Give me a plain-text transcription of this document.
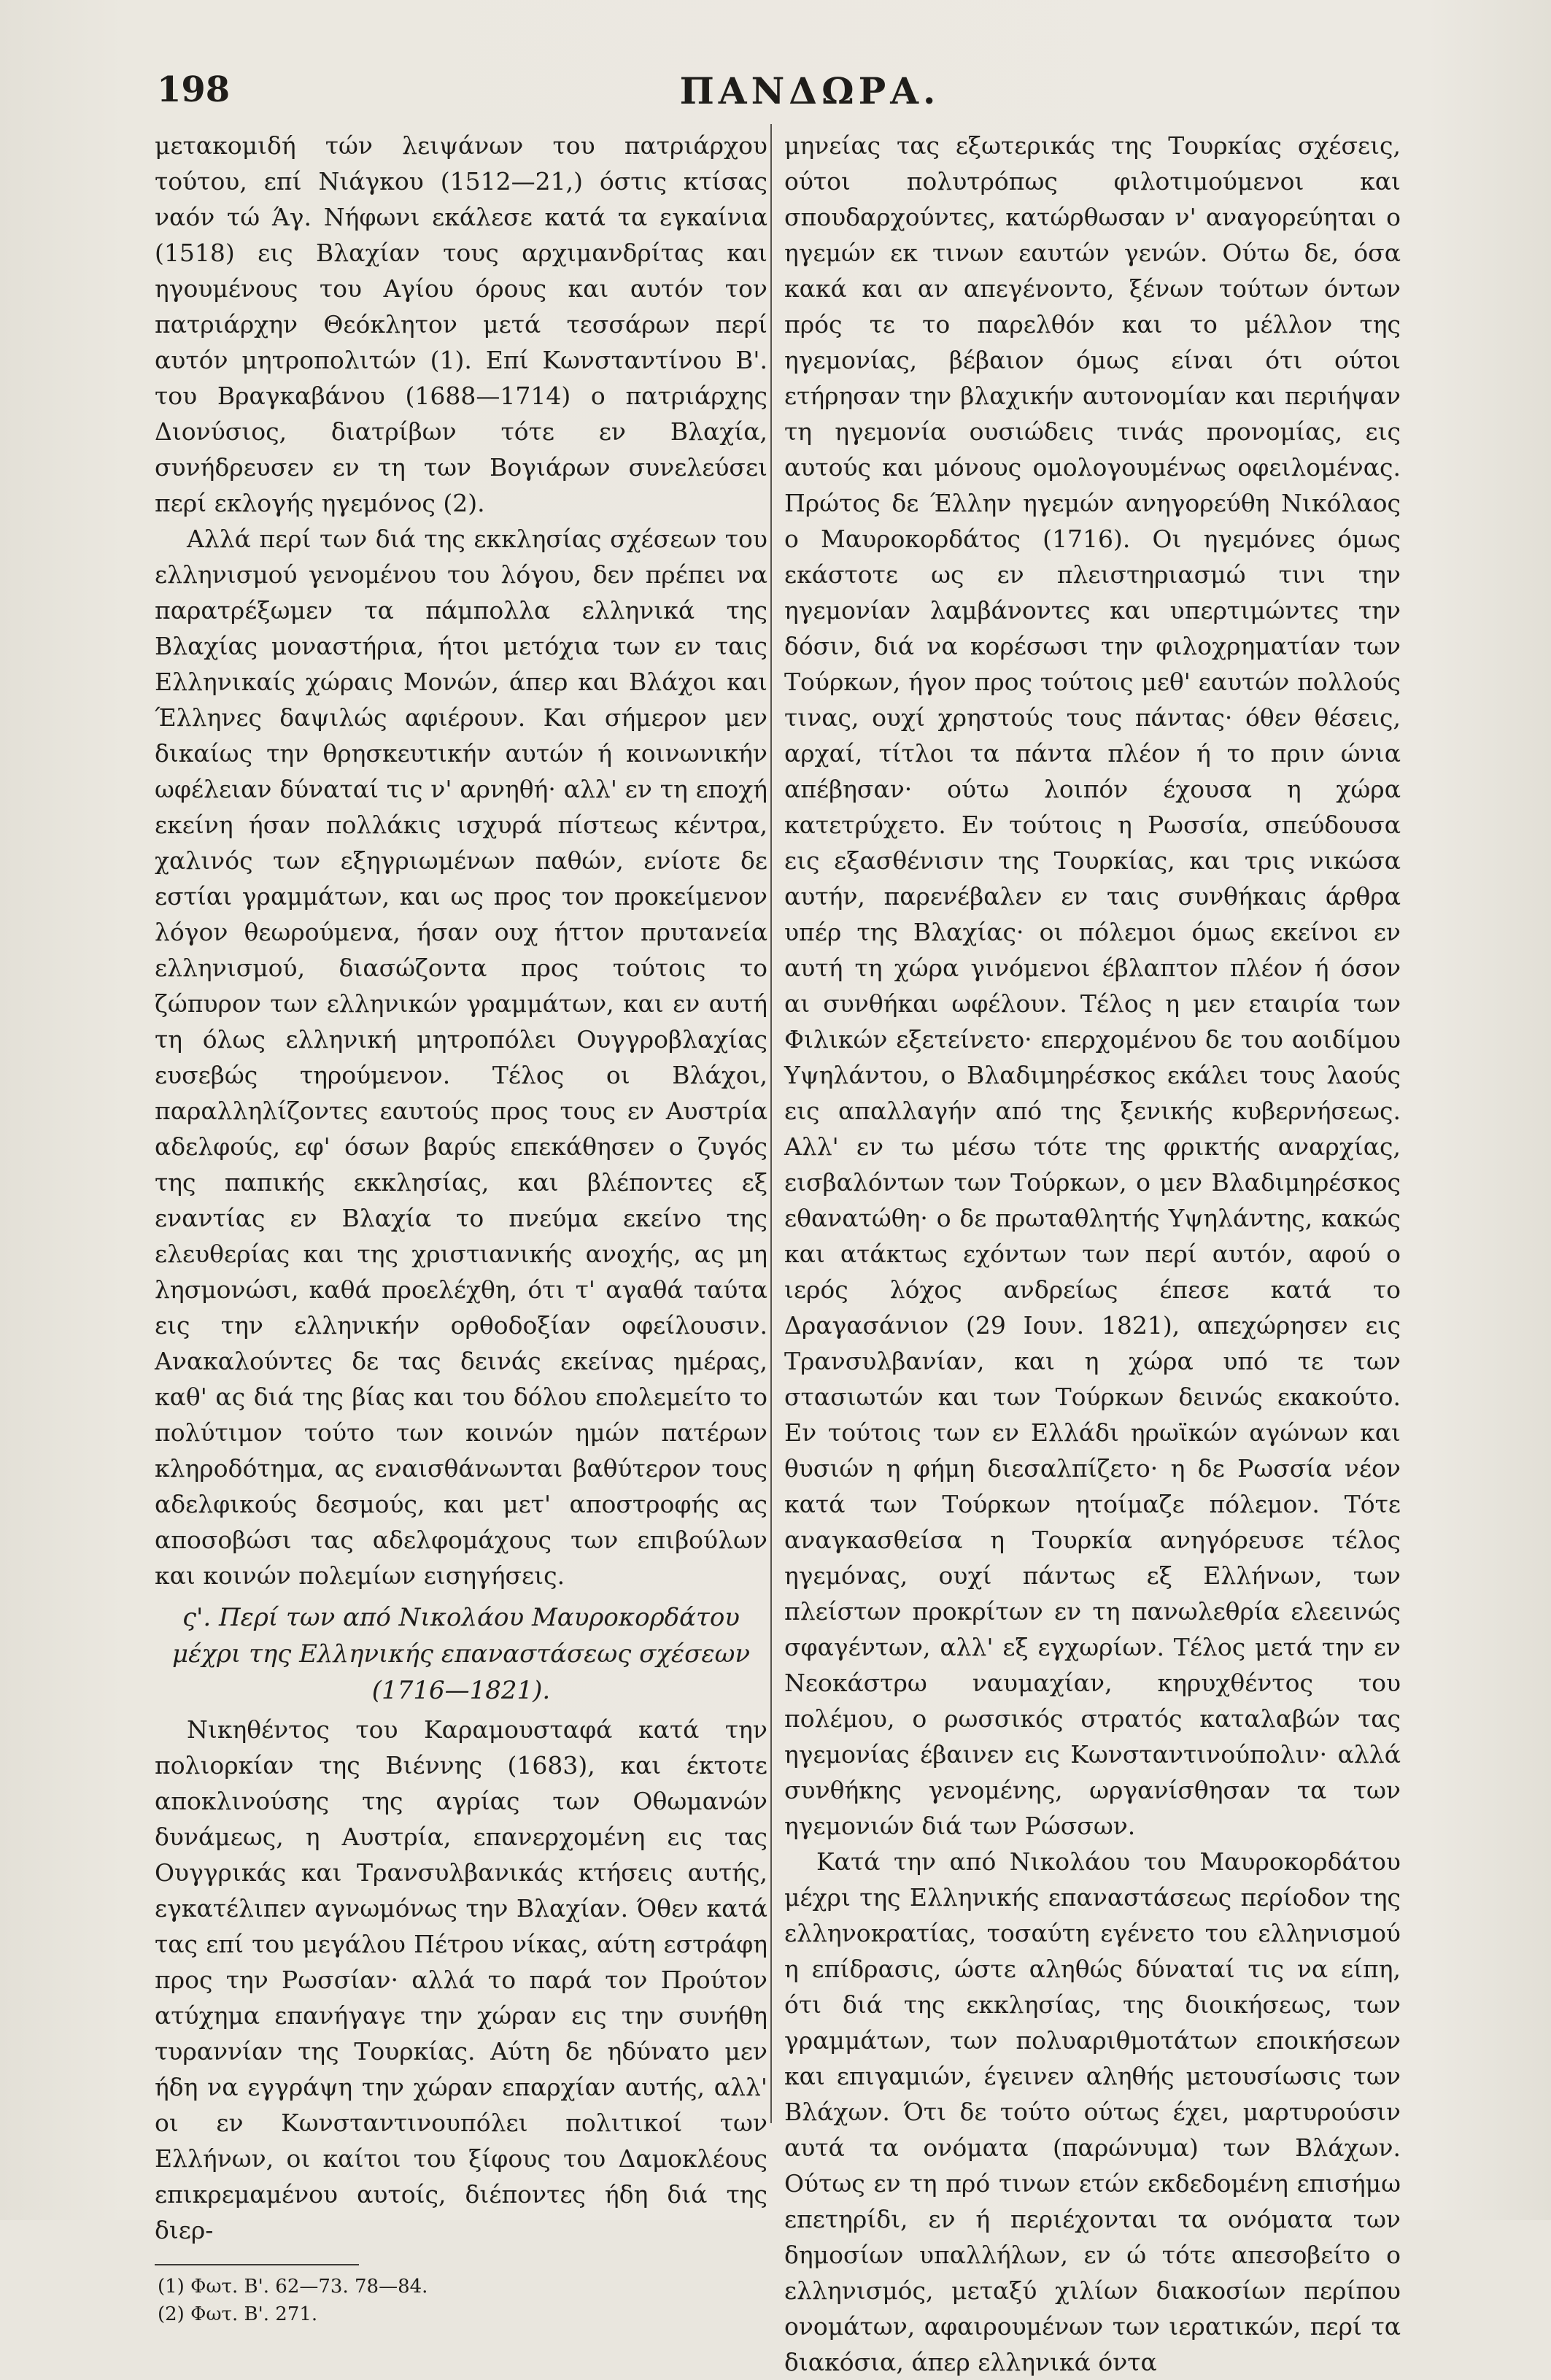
198	ΠΑΝΔΩΡΑ.

μετακομιδή τών λειψάνων του πατριάρχου τούτου, επί Νιάγκου (1512—21,) όστις κτίσας ναόν τώ Άγ. Νήφωνι εκάλεσε κατά τα εγκαίνια (1518) εις Βλαχίαν τους αρχιμανδρίτας και ηγουμένους του Αγίου όρους και αυτόν τον πατριάρχην Θεόκλητον μετά τεσσάρων περί αυτόν μητροπολιτών (1). Επί Κωνσταντίνου Β'. του Βραγκαβάνου (1688—1714) ο πατριάρχης Διονύσιος, διατρίβων τότε εν Βλαχία, συνήδρευσεν εν τη των Βογιάρων συνελεύσει περί εκλογής ηγεμόνος (2).

Αλλά περί των διά της εκκλησίας σχέσεων του ελληνισμού γενομένου του λόγου, δεν πρέπει να παρατρέξωμεν τα πάμπολλα ελληνικά της Βλαχίας μοναστήρια, ήτοι μετόχια των εν ταις Ελληνικαίς χώραις Μονών, άπερ και Βλάχοι και Έλληνες δαψιλώς αφιέρουν. Και σήμερον μεν δικαίως την θρησκευτικήν αυτών ή κοινωνικήν ωφέλειαν δύναταί τις ν' αρνηθή· αλλ' εν τη εποχή εκείνη ήσαν πολλάκις ισχυρά πίστεως κέντρα, χαλινός των εξηγριωμένων παθών, ενίοτε δε εστίαι γραμμάτων, και ως προς τον προκείμενον λόγον θεωρούμενα, ήσαν ουχ ήττον πρυτανεία ελληνισμού, διασώζοντα προς τούτοις το ζώπυρον των ελληνικών γραμμάτων, και εν αυτή τη όλως ελληνική μητροπόλει Ουγγροβλαχίας ευσεβώς τηρούμενον. Τέλος οι Βλάχοι, παραλληλίζοντες εαυτούς προς τους εν Αυστρία αδελφούς, εφ' όσων βαρύς επεκάθησεν ο ζυγός της παπικής εκκλησίας, και βλέποντες εξ εναντίας εν Βλαχία το πνεύμα εκείνο της ελευθερίας και της χριστιανικής ανοχής, ας μη λησμονώσι, καθά προελέχθη, ότι τ' αγαθά ταύτα εις την ελληνικήν ορθοδοξίαν οφείλουσιν. Ανακαλούντες δε τας δεινάς εκείνας ημέρας, καθ' ας διά της βίας και του δόλου επολεμείτο το πολύτιμον τούτο των κοινών ημών πατέρων κληροδότημα, ας εναισθάνωνται βαθύτερον τους αδελφικούς δεσμούς, και μετ' αποστροφής ας αποσοβώσι τας αδελφομάχους των επιβούλων και κοινών πολεμίων εισηγήσεις.

ς'. Περί των από Νικολάου Μαυροκορδάτου μέχρι της Ελληνικής επαναστάσεως σχέσεων
(1716—1821).

Νικηθέντος του Καραμουσταφά κατά την πολιορκίαν της Βιέννης (1683), και έκτοτε αποκλινούσης της αγρίας των Οθωμανών δυνάμεως, η Αυστρία, επανερχομένη εις τας Ουγγρικάς και Τρανσυλβανικάς κτήσεις αυτής, εγκατέλιπεν αγνωμόνως την Βλαχίαν. Όθεν κατά τας επί του μεγάλου Πέτρου νίκας, αύτη εστράφη προς την Ρωσσίαν· αλλά το παρά τον Προύτον ατύχημα επανήγαγε την χώραν εις την συνήθη τυραννίαν της Τουρκίας. Αύτη δε ηδύνατο μεν ήδη να εγγράψη την χώραν επαρχίαν αυτής, αλλ' οι εν Κωνσταντινουπόλει πολιτικοί των Ελλήνων, οι καίτοι του ξίφους του Δαμοκλέους επικρεμαμένου αυτοίς, διέποντες ήδη διά της διερ-

(1) Φωτ. Β'. 62—73. 78—84.
(2) Φωτ. Β'. 271.

μηνείας τας εξωτερικάς της Τουρκίας σχέσεις, ούτοι πολυτρόπως φιλοτιμούμενοι και σπουδαρχούντες, κατώρθωσαν ν' αναγορεύηται ο ηγεμών εκ τινων εαυτών γενών. Ούτω δε, όσα κακά και αν απεγένοντο, ξένων τούτων όντων πρός τε το παρελθόν και το μέλλον της ηγεμονίας, βέβαιον όμως είναι ότι ούτοι ετήρησαν την βλαχικήν αυτονομίαν και περιήψαν τη ηγεμονία ουσιώδεις τινάς προνομίας, εις αυτούς και μόνους ομολογουμένως οφειλομένας. Πρώτος δε Έλλην ηγεμών ανηγορεύθη Νικόλαος ο Μαυροκορδάτος (1716). Οι ηγεμόνες όμως εκάστοτε ως εν πλειστηριασμώ τινι την ηγεμονίαν λαμβάνοντες και υπερτιμώντες την δόσιν, διά να κορέσωσι την φιλοχρηματίαν των Τούρκων, ήγον προς τούτοις μεθ' εαυτών πολλούς τινας, ουχί χρηστούς τους πάντας· όθεν θέσεις, αρχαί, τίτλοι τα πάντα πλέον ή το πριν ώνια απέβησαν· ούτω λοιπόν έχουσα η χώρα κατετρύχετο. Εν τούτοις η Ρωσσία, σπεύδουσα εις εξασθένισιν της Τουρκίας, και τρις νικώσα αυτήν, παρενέβαλεν εν ταις συνθήκαις άρθρα υπέρ της Βλαχίας· οι πόλεμοι όμως εκείνοι εν αυτή τη χώρα γινόμενοι έβλαπτον πλέον ή όσον αι συνθήκαι ωφέλουν. Τέλος η μεν εταιρία των Φιλικών εξετείνετο· επερχομένου δε του αοιδίμου Υψηλάντου, ο Βλαδιμηρέσκος εκάλει τους λαούς εις απαλλαγήν από της ξενικής κυβερνήσεως. Αλλ' εν τω μέσω τότε της φρικτής αναρχίας, εισβαλόντων των Τούρκων, ο μεν Βλαδιμηρέσκος εθανατώθη· ο δε πρωταθλητής Υψηλάντης, κακώς και ατάκτως εχόντων των περί αυτόν, αφού ο ιερός λόχος ανδρείως έπεσε κατά το Δραγασάνιον (29 Ιουν. 1821), απεχώρησεν εις Τρανσυλβανίαν, και η χώρα υπό τε των στασιωτών και των Τούρκων δεινώς εκακούτο. Εν τούτοις των εν Ελλάδι ηρωϊκών αγώνων και θυσιών η φήμη διεσαλπίζετο· η δε Ρωσσία νέον κατά των Τούρκων ητοίμαζε πόλεμον. Τότε αναγκασθείσα η Τουρκία ανηγόρευσε τέλος ηγεμόνας, ουχί πάντως εξ Ελλήνων, των πλείστων προκρίτων εν τη πανωλεθρία ελεεινώς σφαγέντων, αλλ' εξ εγχωρίων. Τέλος μετά την εν Νεοκάστρω ναυμαχίαν, κηρυχθέντος του πολέμου, ο ρωσσικός στρατός καταλαβών τας ηγεμονίας έβαινεν εις Κωνσταντινούπολιν· αλλά συνθήκης γενομένης, ωργανίσθησαν τα των ηγεμονιών διά των Ρώσσων.

Κατά την από Νικολάου του Μαυροκορδάτου μέχρι της Ελληνικής επαναστάσεως περίοδον της ελληνοκρατίας, τοσαύτη εγένετο του ελληνισμού η επίδρασις, ώστε αληθώς δύναταί τις να είπη, ότι διά της εκκλησίας, της διοικήσεως, των γραμμάτων, των πολυαριθμοτάτων εποικήσεων και επιγαμιών, έγεινεν αληθής μετουσίωσις των Βλάχων. Ότι δε τούτο ούτως έχει, μαρτυρούσιν αυτά τα ονόματα (παρώνυμα) των Βλάχων. Ούτως εν τη πρό τινων ετών εκδεδομένη επισήμω επετηρίδι, εν ή περιέχονται τα ονόματα των δημοσίων υπαλλήλων, εν ώ τότε απεσοβείτο ο ελληνισμός, μεταξύ χιλίων διακοσίων περίπου ονομάτων, αφαιρουμένων των ιερατικών, περί τα διακόσια, άπερ ελληνικά όντα
